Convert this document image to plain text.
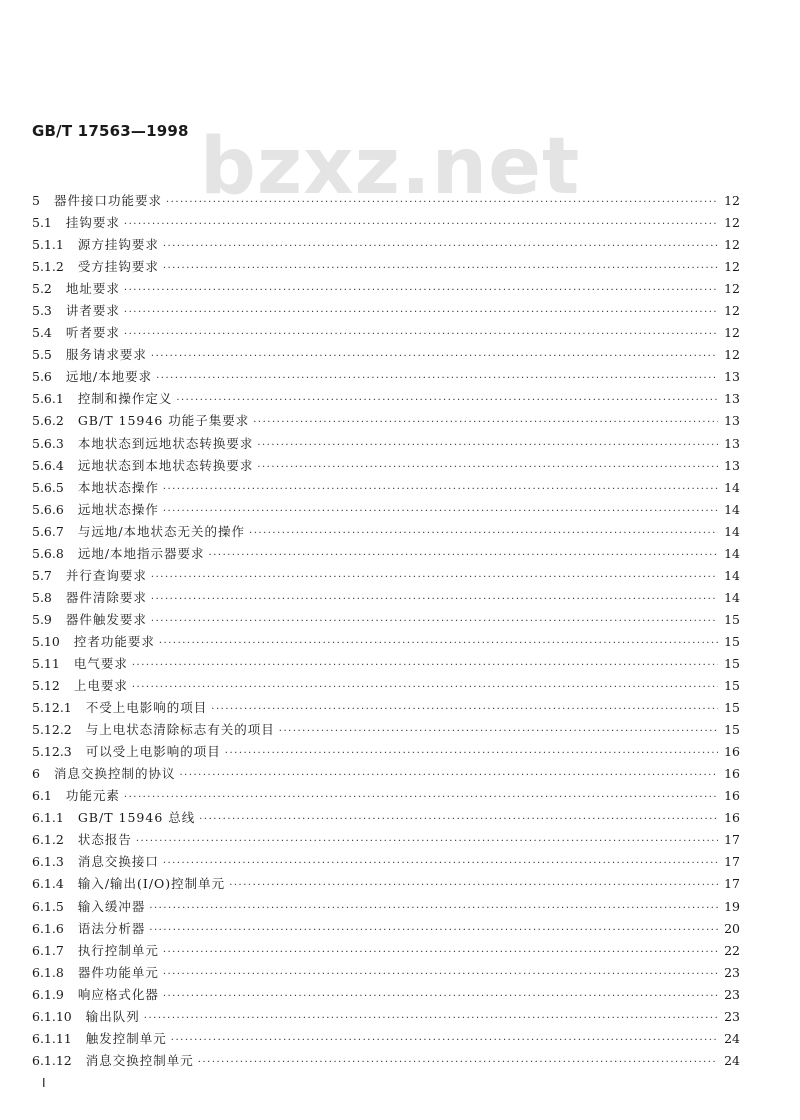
GB/T 17563—1998 bzxz.net
5 器件接口功能要求 ·····	12
5.1 挂钩要求 ·····	12
5.1.1 源方挂钩要求 ·····	12
5.1.2 受方挂钩要求 ·····	12
5.2 地址要求 ·····	12
5.3 讲者要求 ·····	12
5.4 听者要求 ·····	12
5.5 服务请求要求 ·····	12
5.6 远地/本地要求 ·····	13
5.6.1 控制和操作定义 ·····	13
5.6.2 GB/T 15946 功能子集要求 ·····	13
5.6.3 本地状态到远地状态转换要求 ·····	13
5.6.4 远地状态到本地状态转换要求 ·····	13
5.6.5 本地状态操作 ·····	14
5.6.6 远地状态操作 ·····	14
5.6.7 与远地/本地状态无关的操作 ·····	14
5.6.8 远地/本地指示器要求 ·····	14
5.7 并行查询要求 ·····	14
5.8 器件清除要求 ·····	14
5.9 器件触发要求 ·····	15
5.10 控者功能要求 ·····	15
5.11 电气要求 ·····	15
5.12 上电要求 ·····	15
5.12.1 不受上电影响的项目 ·····	15
5.12.2 与上电状态清除标志有关的项目 ·····	15
5.12.3 可以受上电影响的项目 ·····	16
6 消息交换控制的协议 ·····	16
6.1 功能元素 ·····	16
6.1.1 GB/T 15946 总线 ·····	16
6.1.2 状态报告 ·····	17
6.1.3 消息交换接口 ·····	17
6.1.4 输入/输出(I/O)控制单元 ·····	17
6.1.5 输入缓冲器 ·····	19
6.1.6 语法分析器 ·····	20
6.1.7 执行控制单元 ·····	22
6.1.8 器件功能单元 ·····	23
6.1.9 响应格式化器 ·····	23
6.1.10 输出队列 ·····	23
6.1.11 触发控制单元 ·····	24
6.1.12 消息交换控制单元 ·····	24
I
